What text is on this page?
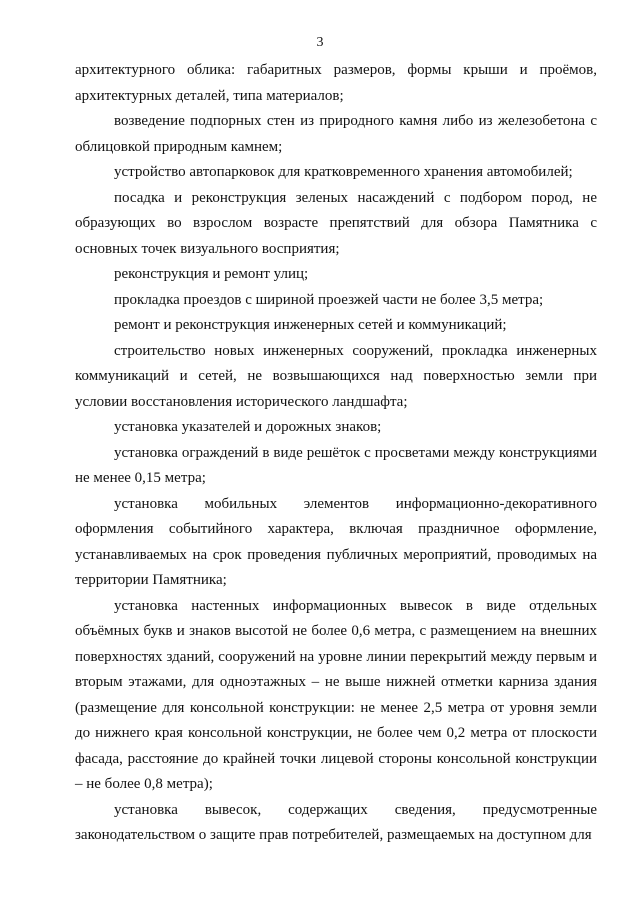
3

архитектурного облика: габаритных размеров, формы крыши и проёмов, архитектурных деталей, типа материалов;

возведение подпорных стен из природного камня либо из железобетона с облицовкой природным камнем;

устройство автопарковок для кратковременного хранения автомобилей;

посадка и реконструкция зеленых насаждений с подбором пород, не образующих во взрослом возрасте препятствий для обзора Памятника с основных точек визуального восприятия;

реконструкция и ремонт улиц;

прокладка проездов с шириной проезжей части не более 3,5 метра;

ремонт и реконструкция инженерных сетей и коммуникаций;

строительство новых инженерных сооружений, прокладка инженерных коммуникаций и сетей, не возвышающихся над поверхностью земли при условии восстановления исторического ландшафта;

установка указателей и дорожных знаков;

установка ограждений в виде решёток с просветами между конструкциями не менее 0,15 метра;

установка мобильных элементов информационно-декоративного оформления событийного характера, включая праздничное оформление, устанавливаемых на срок проведения публичных мероприятий, проводимых на территории Памятника;

установка настенных информационных вывесок в виде отдельных объёмных букв и знаков высотой не более 0,6 метра, с размещением на внешних поверхностях зданий, сооружений на уровне линии перекрытий между первым и вторым этажами, для одноэтажных – не выше нижней отметки карниза здания (размещение для консольной конструкции: не менее 2,5 метра от уровня земли до нижнего края консольной конструкции, не более чем 0,2 метра от плоскости фасада, расстояние до крайней точки лицевой стороны консольной конструкции – не более 0,8 метра);

установка вывесок, содержащих сведения, предусмотренные законодательством о защите прав потребителей, размещаемых на доступном для
